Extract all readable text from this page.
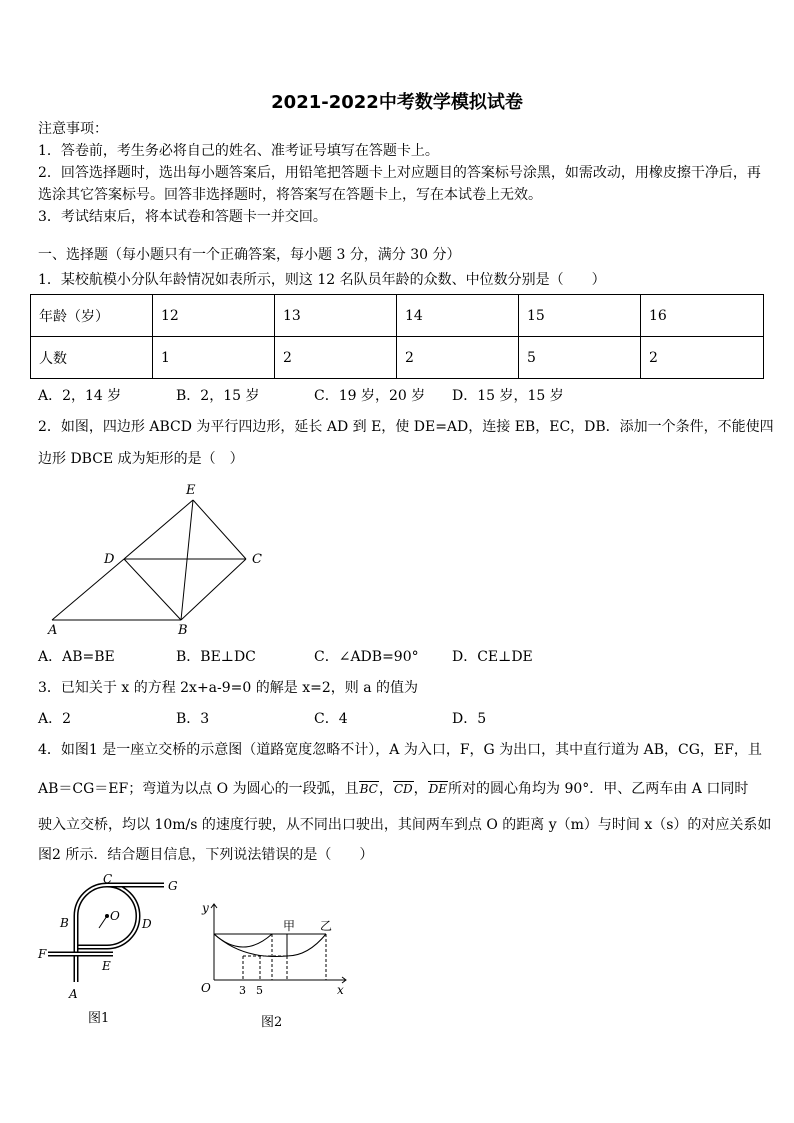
2021-2022中考数学模拟试卷
注意事项：
1．答卷前，考生务必将自己的姓名、准考证号填写在答题卡上。
2．回答选择题时，选出每小题答案后，用铅笔把答题卡上对应题目的答案标号涂黑，如需改动，用橡皮擦干净后，再
选涂其它答案标号。回答非选择题时，将答案写在答题卡上，写在本试卷上无效。
3．考试结束后，将本试卷和答题卡一并交回。
一、选择题（每小题只有一个正确答案，每小题 3 分，满分 30 分）
1．某校航模小分队年龄情况如表所示，则这 12 名队员年龄的众数、中位数分别是（　　）
年龄（岁）	12	13	14	15	16
人数	1	2	2	5	2
A．2，14 岁	B．2，15 岁	C．19 岁，20 岁 D．15 岁，15 岁
2．如图，四边形 ABCD 为平行四边形，延长 AD 到 E，使 DE=AD，连接 EB，EC，DB．添加一个条件，不能使四
边形 DBCE 成为矩形的是（　）
E
D	C
A	B
A．AB=BE	B．BE⊥DC	C．∠ADB=90° D．CE⊥DE
3．已知关于 x 的方程 2x+a-9=0 的解是 x=2，则 a 的值为
A．2	B．3	C．4	D．5
4．如图1 是一座立交桥的示意图（道路宽度忽略不计），A 为入口，F，G 为出口，其中直行道为 AB，CG，EF，且
AB＝CG＝EF；弯道为以点 O 为圆心的一段弧，且BC，CD，DE所对的圆心角均为 90°．甲、乙两车由 A 口同时
驶入立交桥，均以 10m/s 的速度行驶，从不同出口驶出，其间两车到点 O 的距离 y（m）与时间 x（s）的对应关系如
图2 所示．结合题目信息，下列说法错误的是（　　）
C	G
B	O
D
F
E
A
图1
y
x
O	3 5
甲 乙
图2
